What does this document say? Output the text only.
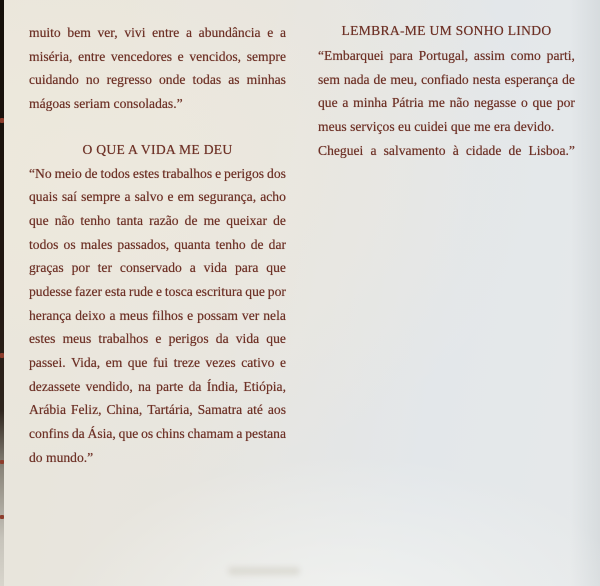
muito bem ver, vivi entre a abundância e a
miséria, entre vencedores e vencidos, sempre
cuidando no regresso onde todas as minhas
mágoas seriam consoladas.”
O QUE A VIDA ME DEU
“No meio de todos estes trabalhos e perigos dos
quais saí sempre a salvo e em segurança, acho
que não tenho tanta razão de me queixar de
todos os males passados, quanta tenho de dar
graças por ter conservado a vida para que
pudesse fazer esta rude e tosca escritura que por
herança deixo a meus filhos e possam ver nela
estes meus trabalhos e perigos da vida que
passei. Vida, em que fui treze vezes cativo e
dezassete vendido, na parte da Índia, Etiópia,
Arábia Feliz, China, Tartária, Samatra até aos
confins da Ásia, que os chins chamam a pestana
do mundo.”
LEMBRA-ME UM SONHO LINDO
“Embarquei para Portugal, assim como parti,
sem nada de meu, confiado nesta esperança de
que a minha Pátria me não negasse o que por
meus serviços eu cuidei que me era devido.
Cheguei a salvamento à cidade de Lisboa.”
